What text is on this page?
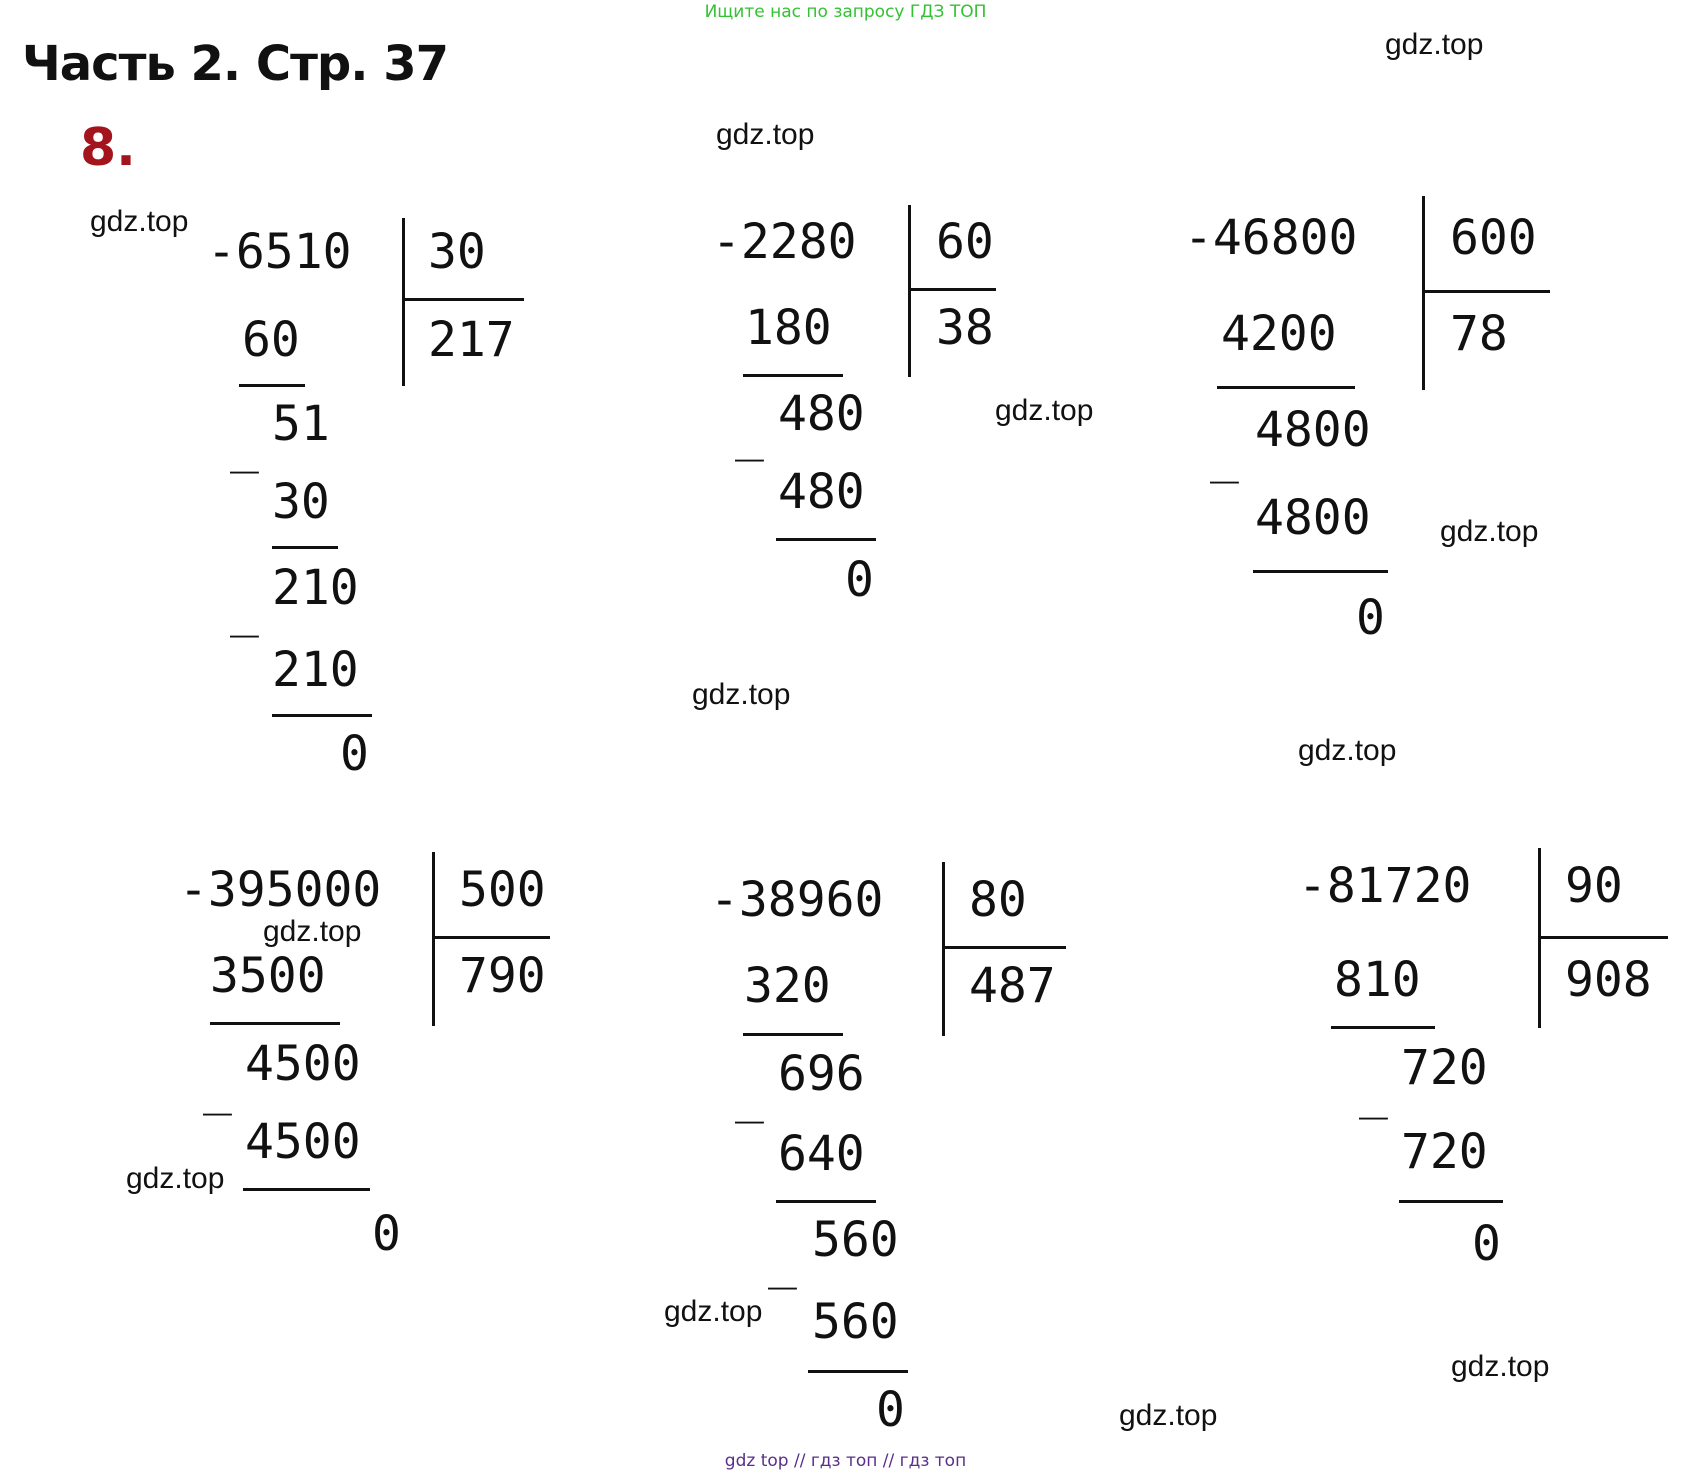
Ищите нас по запросу ГДЗ ТОП
Часть 2. Стр. 37
8.
gdz.top
gdz.top
gdz.top
gdz.top
gdz.top
gdz.top
gdz.top
gdz.top
gdz.top
gdz.top
gdz.top
gdz.top
-6510 30
217
60
51
_
30
210
_
210
0
-2280 60
38
180
480
_
480
0
-46800 600
78
4200
4800
_
4800
0
-395000 500
790
3500
4500
_
4500
0
-38960 80
487
320
696
_
640
560
_
560
0
-81720 90
908
810
720
_
720
0
gdz top // гдз топ // гдз топ
